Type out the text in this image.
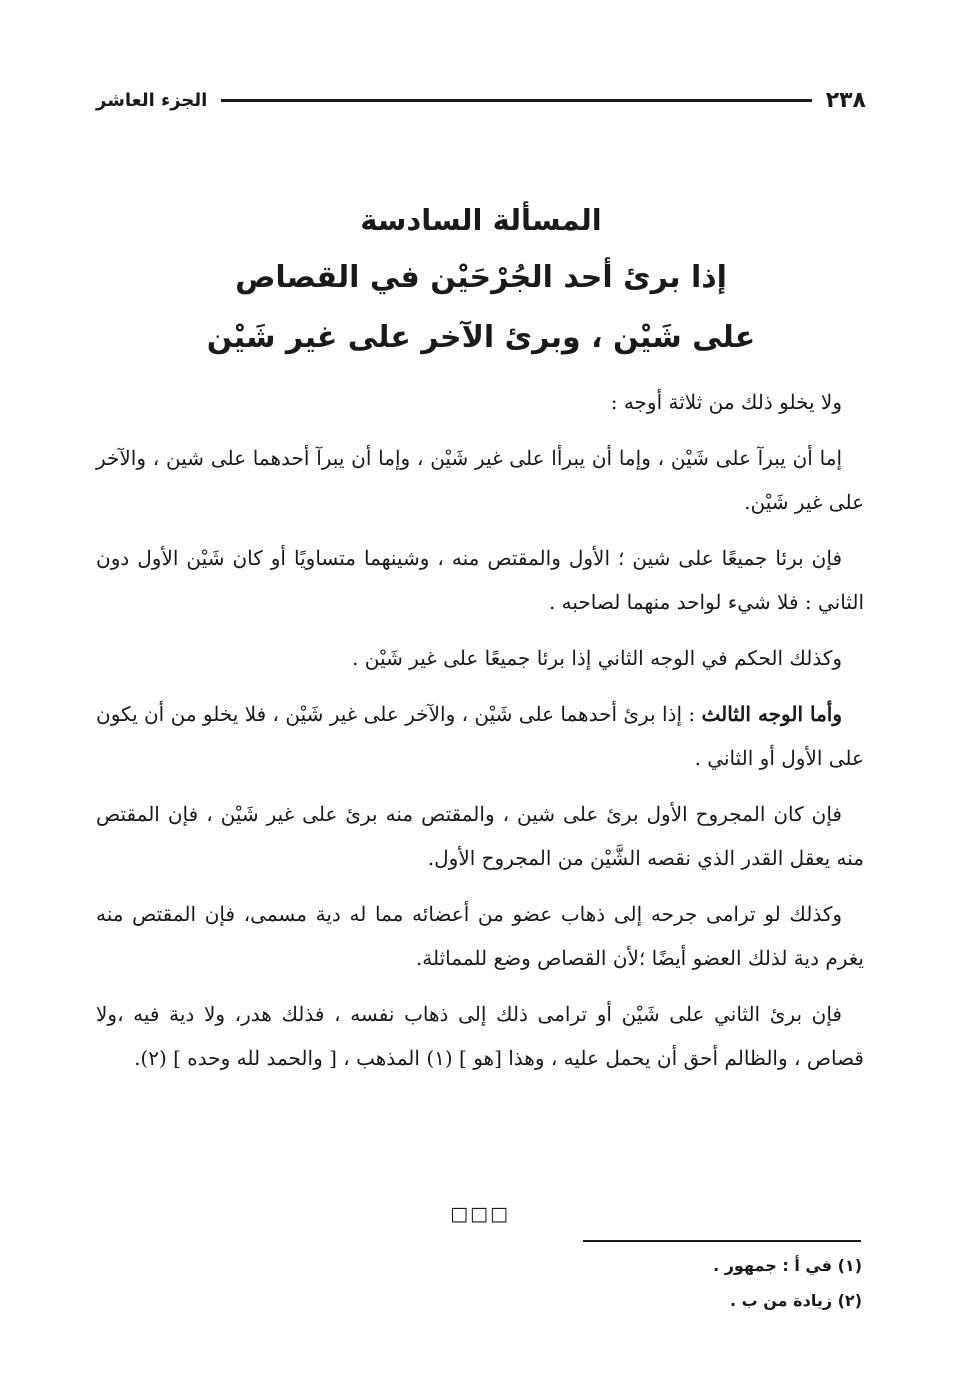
٢٣٨
الجزء العاشر
المسألة السادسة
إذا برئ أحد الجُرْحَيْن في القصاص
على شَيْن ، وبرئ الآخر على غير شَيْن

ولا يخلو ذلك من ثلاثة أوجه :

إما أن يبرآ على شَيْن ، وإما أن يبرأا على غير شَيْن ، وإما أن يبرآ أحدهما على شين ، والآخر على غير شَيْن.

فإن برئا جميعًا على شين ؛ الأول والمقتص منه ، وشينهما متساويًا أو كان شَيْن الأول دون الثاني : فلا شيء لواحد منهما لصاحبه .

وكذلك الحكم في الوجه الثاني إذا برئا جميعًا على غير شَيْن .

وأما الوجه الثالث : إذا برئ أحدهما على شَيْن ، والآخر على غير شَيْن ، فلا يخلو من أن يكون على الأول أو الثاني .

فإن كان المجروح الأول برئ على شين ، والمقتص منه برئ على غير شَيْن ، فإن المقتص منه يعقل القدر الذي نقصه الشَّيْن من المجروح الأول.

وكذلك لو ترامى جرحه إلى ذهاب عضو من أعضائه مما له دية مسمى، فإن المقتص منه يغرم دية لذلك العضو أيضًا ؛لأن القصاص وضع للمماثلة.

فإن برئ الثاني على شَيْن أو ترامى ذلك إلى ذهاب نفسه ، فذلك هدر، ولا دية فيه ،ولا قصاص ، والظالم أحق أن يحمل عليه ، وهذا [هو ] (١) المذهب ، [ والحمد لله وحده ] (٢).

□□□
(١) في أ : جمهور .
(٢) زيادة من ب .
